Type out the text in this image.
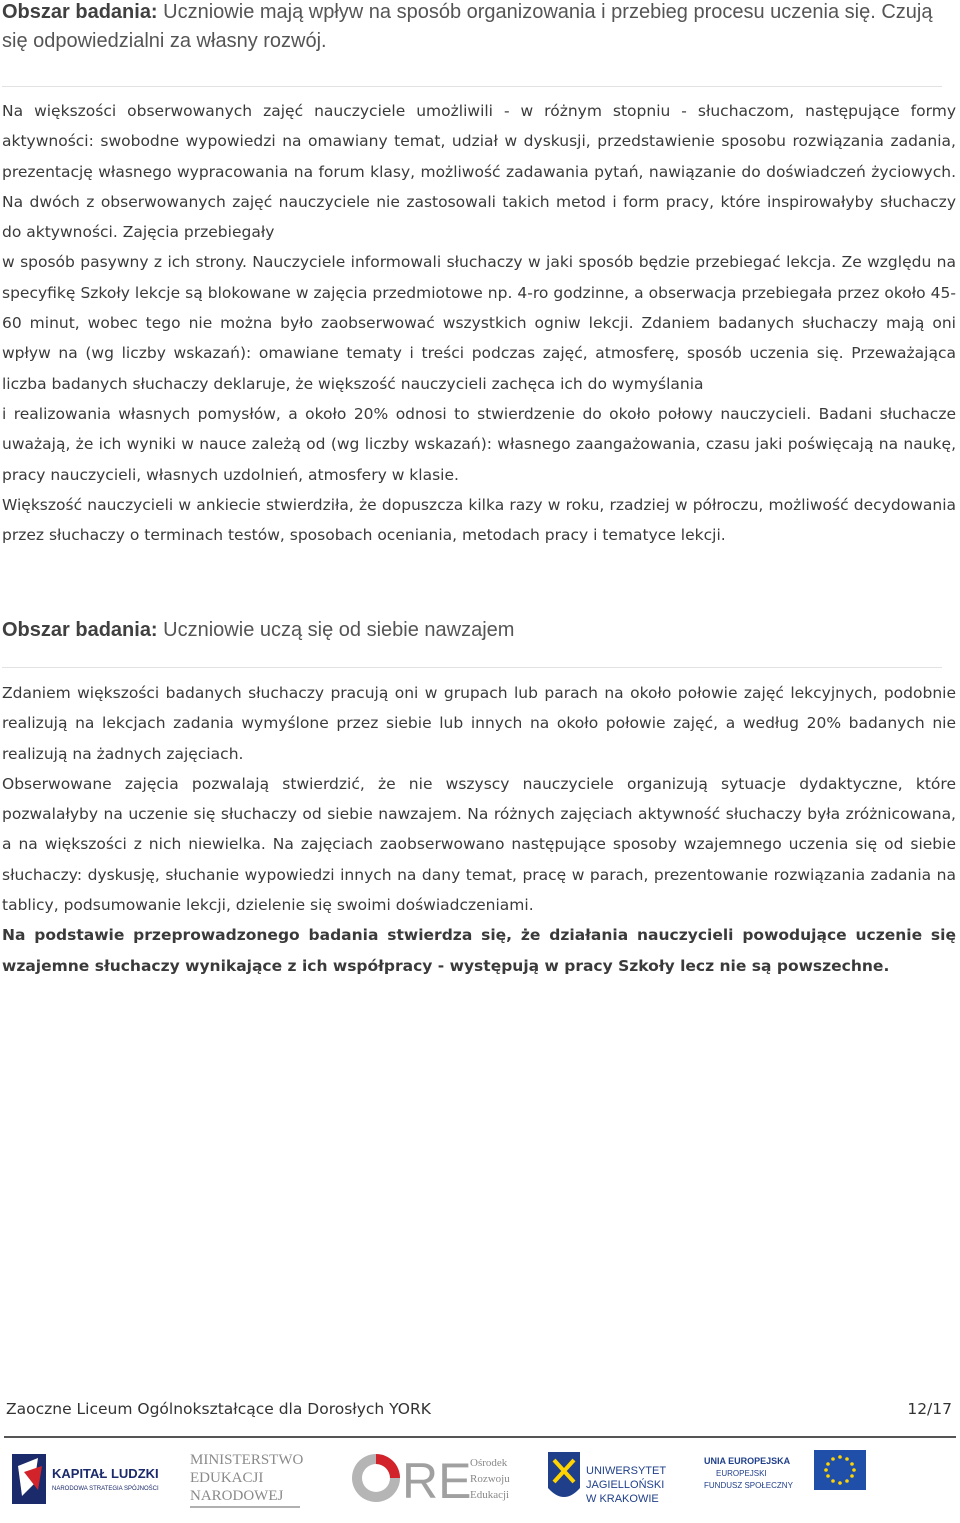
Obszar badania: Uczniowie mają wpływ na sposób organizowania i przebieg procesu uczenia się. Czują się odpowiedzialni za własny rozwój.

Na większości obserwowanych zajęć nauczyciele umożliwili - w różnym stopniu - słuchaczom, następujące formy aktywności: swobodne wypowiedzi na omawiany temat, udział w dyskusji, przedstawienie sposobu rozwiązania zadania, prezentację własnego wypracowania na forum klasy, możliwość zadawania pytań, nawiązanie do doświadczeń życiowych. Na dwóch z obserwowanych zajęć nauczyciele nie zastosowali takich metod i form pracy, które inspirowałyby słuchaczy do aktywności. Zajęcia przebiegały

w sposób pasywny z ich strony. Nauczyciele informowali słuchaczy w jaki sposób będzie przebiegać lekcja. Ze względu na specyfikę Szkoły lekcje są blokowane w zajęcia przedmiotowe np. 4-ro godzinne, a obserwacja przebiegała przez około 45-60 minut, wobec tego nie można było zaobserwować wszystkich ogniw lekcji. Zdaniem badanych słuchaczy mają oni wpływ na (wg liczby wskazań): omawiane tematy i treści podczas zajęć, atmosferę, sposób uczenia się. Przeważająca liczba badanych słuchaczy deklaruje, że większość nauczycieli zachęca ich do wymyślania

i realizowania własnych pomysłów, a około 20% odnosi to stwierdzenie do około połowy nauczycieli. Badani słuchacze uważają, że ich wyniki w nauce zależą od (wg liczby wskazań): własnego zaangażowania, czasu jaki poświęcają na naukę, pracy nauczycieli, własnych uzdolnień, atmosfery w klasie.

Większość nauczycieli w ankiecie stwierdziła, że dopuszcza kilka razy w roku, rzadziej w półroczu, możliwość decydowania przez słuchaczy o terminach testów, sposobach oceniania, metodach pracy i tematyce lekcji.

Obszar badania: Uczniowie uczą się od siebie nawzajem

Zdaniem większości badanych słuchaczy pracują oni w grupach lub parach na około połowie zajęć lekcyjnych, podobnie realizują na lekcjach zadania wymyślone przez siebie lub innych na około połowie zajęć, a według 20% badanych nie realizują na żadnych zajęciach.

Obserwowane zajęcia pozwalają stwierdzić, że nie wszyscy nauczyciele organizują sytuacje dydaktyczne, które pozwalałyby na uczenie się słuchaczy od siebie nawzajem. Na różnych zajęciach aktywność słuchaczy była zróżnicowana, a na większości z nich niewielka. Na zajęciach zaobserwowano następujące sposoby wzajemnego uczenia się od siebie słuchaczy: dyskusję, słuchanie wypowiedzi innych na dany temat, pracę w parach, prezentowanie rozwiązania zadania na tablicy, podsumowanie lekcji, dzielenie się swoimi doświadczeniami.

Na podstawie przeprowadzonego badania stwierdza się, że działania nauczycieli powodujące uczenie się wzajemne słuchaczy wynikające z ich współpracy - występują w pracy Szkoły lecz nie są powszechne.

Zaoczne Liceum Ogólnokształcące dla Dorosłych YORK	12/17
KAPITAŁ LUDZKI
NARODOWA STRATEGIA SPÓJNOŚCI
MINISTERSTWO
EDUKACJI
NARODOWEJ RE
Ośrodek
Rozwoju
Edukacji
UNIWERSYTET
JAGIELLOŃSKI
W KRAKOWIE
UNIA EUROPEJSKA
EUROPEJSKI
FUNDUSZ SPOŁECZNY
